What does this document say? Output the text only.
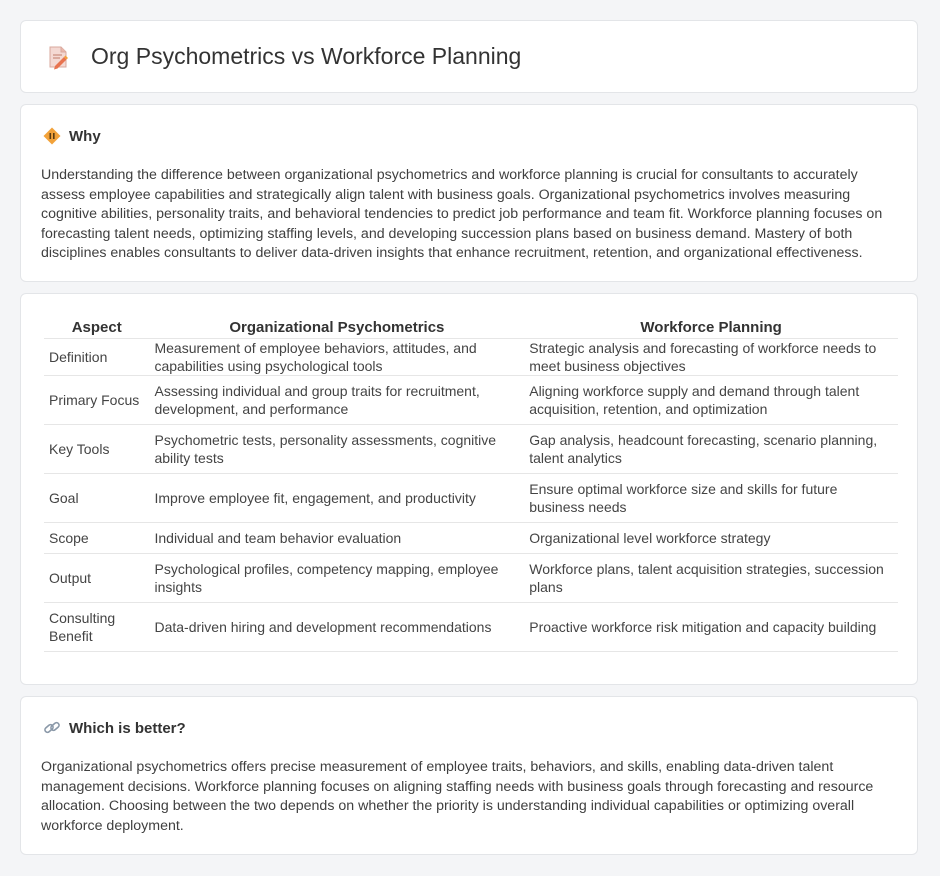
Org Psychometrics vs Workforce Planning
Why

Understanding the difference between organizational psychometrics and workforce planning is crucial for consultants to accurately assess employee capabilities and strategically align talent with business goals. Organizational psychometrics involves measuring cognitive abilities, personality traits, and behavioral tendencies to predict job performance and team fit. Workforce planning focuses on forecasting talent needs, optimizing staffing levels, and developing succession plans based on business demand. Mastery of both disciplines enables consultants to deliver data-driven insights that enhance recruitment, retention, and organizational effectiveness.

Aspect	Organizational Psychometrics	Workforce Planning
Definition	Measurement of employee behaviors, attitudes, and capabilities using psychological tools	Strategic analysis and forecasting of workforce needs to meet business objectives
Primary Focus	Assessing individual and group traits for recruitment, development, and performance	Aligning workforce supply and demand through talent acquisition, retention, and optimization
Key Tools	Psychometric tests, personality assessments, cognitive ability tests	Gap analysis, headcount forecasting, scenario planning, talent analytics
Goal	Improve employee fit, engagement, and productivity	Ensure optimal workforce size and skills for future business needs
Scope	Individual and team behavior evaluation	Organizational level workforce strategy
Output	Psychological profiles, competency mapping, employee insights	Workforce plans, talent acquisition strategies, succession plans
Consulting Benefit	Data-driven hiring and development recommendations	Proactive workforce risk mitigation and capacity building
Which is better?

Organizational psychometrics offers precise measurement of employee traits, behaviors, and skills, enabling data-driven talent management decisions. Workforce planning focuses on aligning staffing needs with business goals through forecasting and resource allocation. Choosing between the two depends on whether the priority is understanding individual capabilities or optimizing overall workforce deployment.
